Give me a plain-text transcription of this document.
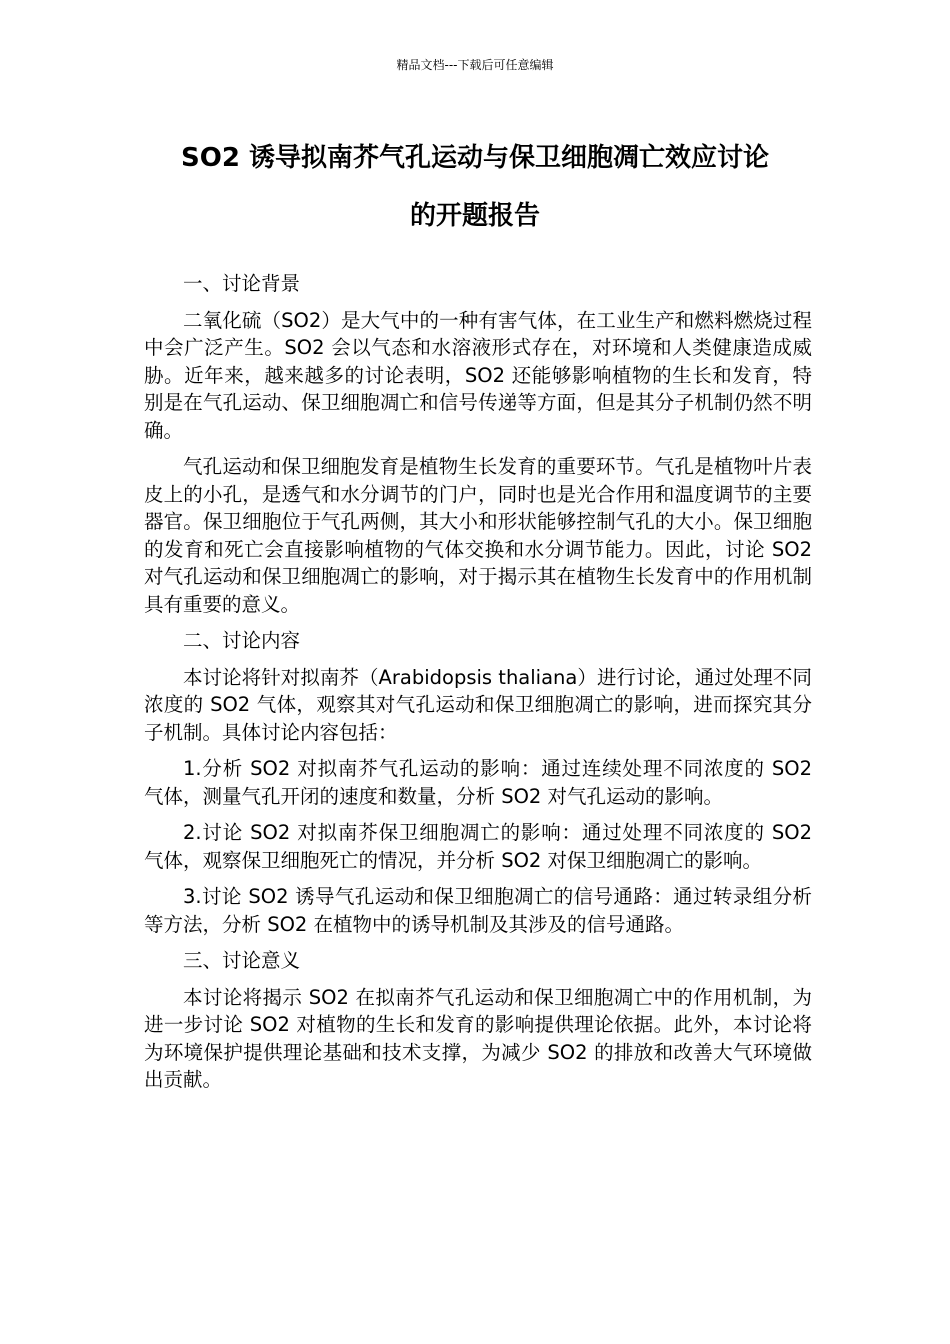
精品文档---下载后可任意编辑
SO2 诱导拟南芥气孔运动与保卫细胞凋亡效应讨论
的开题报告

一、讨论背景

二氧化硫（SO2）是大气中的一种有害气体，在工业生产和燃料燃烧过程中会广泛产生。SO2 会以气态和水溶液形式存在，对环境和人类健康造成威胁。近年来，越来越多的讨论表明，SO2 还能够影响植物的生长和发育，特别是在气孔运动、保卫细胞凋亡和信号传递等方面，但是其分子机制仍然不明确。

气孔运动和保卫细胞发育是植物生长发育的重要环节。气孔是植物叶片表皮上的小孔，是透气和水分调节的门户，同时也是光合作用和温度调节的主要器官。保卫细胞位于气孔两侧，其大小和形状能够控制气孔的大小。保卫细胞的发育和死亡会直接影响植物的气体交换和水分调节能力。因此，讨论 SO2 对气孔运动和保卫细胞凋亡的影响，对于揭示其在植物生长发育中的作用机制具有重要的意义。

二、讨论内容

本讨论将针对拟南芥（Arabidopsis thaliana）进行讨论，通过处理不同浓度的 SO2 气体，观察其对气孔运动和保卫细胞凋亡的影响，进而探究其分子机制。具体讨论内容包括：

1.分析 SO2 对拟南芥气孔运动的影响：通过连续处理不同浓度的 SO2 气体，测量气孔开闭的速度和数量，分析 SO2 对气孔运动的影响。

2.讨论 SO2 对拟南芥保卫细胞凋亡的影响：通过处理不同浓度的 SO2 气体，观察保卫细胞死亡的情况，并分析 SO2 对保卫细胞凋亡的影响。

3.讨论 SO2 诱导气孔运动和保卫细胞凋亡的信号通路：通过转录组分析等方法，分析 SO2 在植物中的诱导机制及其涉及的信号通路。

三、讨论意义

本讨论将揭示 SO2 在拟南芥气孔运动和保卫细胞凋亡中的作用机制，为进一步讨论 SO2 对植物的生长和发育的影响提供理论依据。此外，本讨论将为环境保护提供理论基础和技术支撑，为减少 SO2 的排放和改善大气环境做出贡献。
